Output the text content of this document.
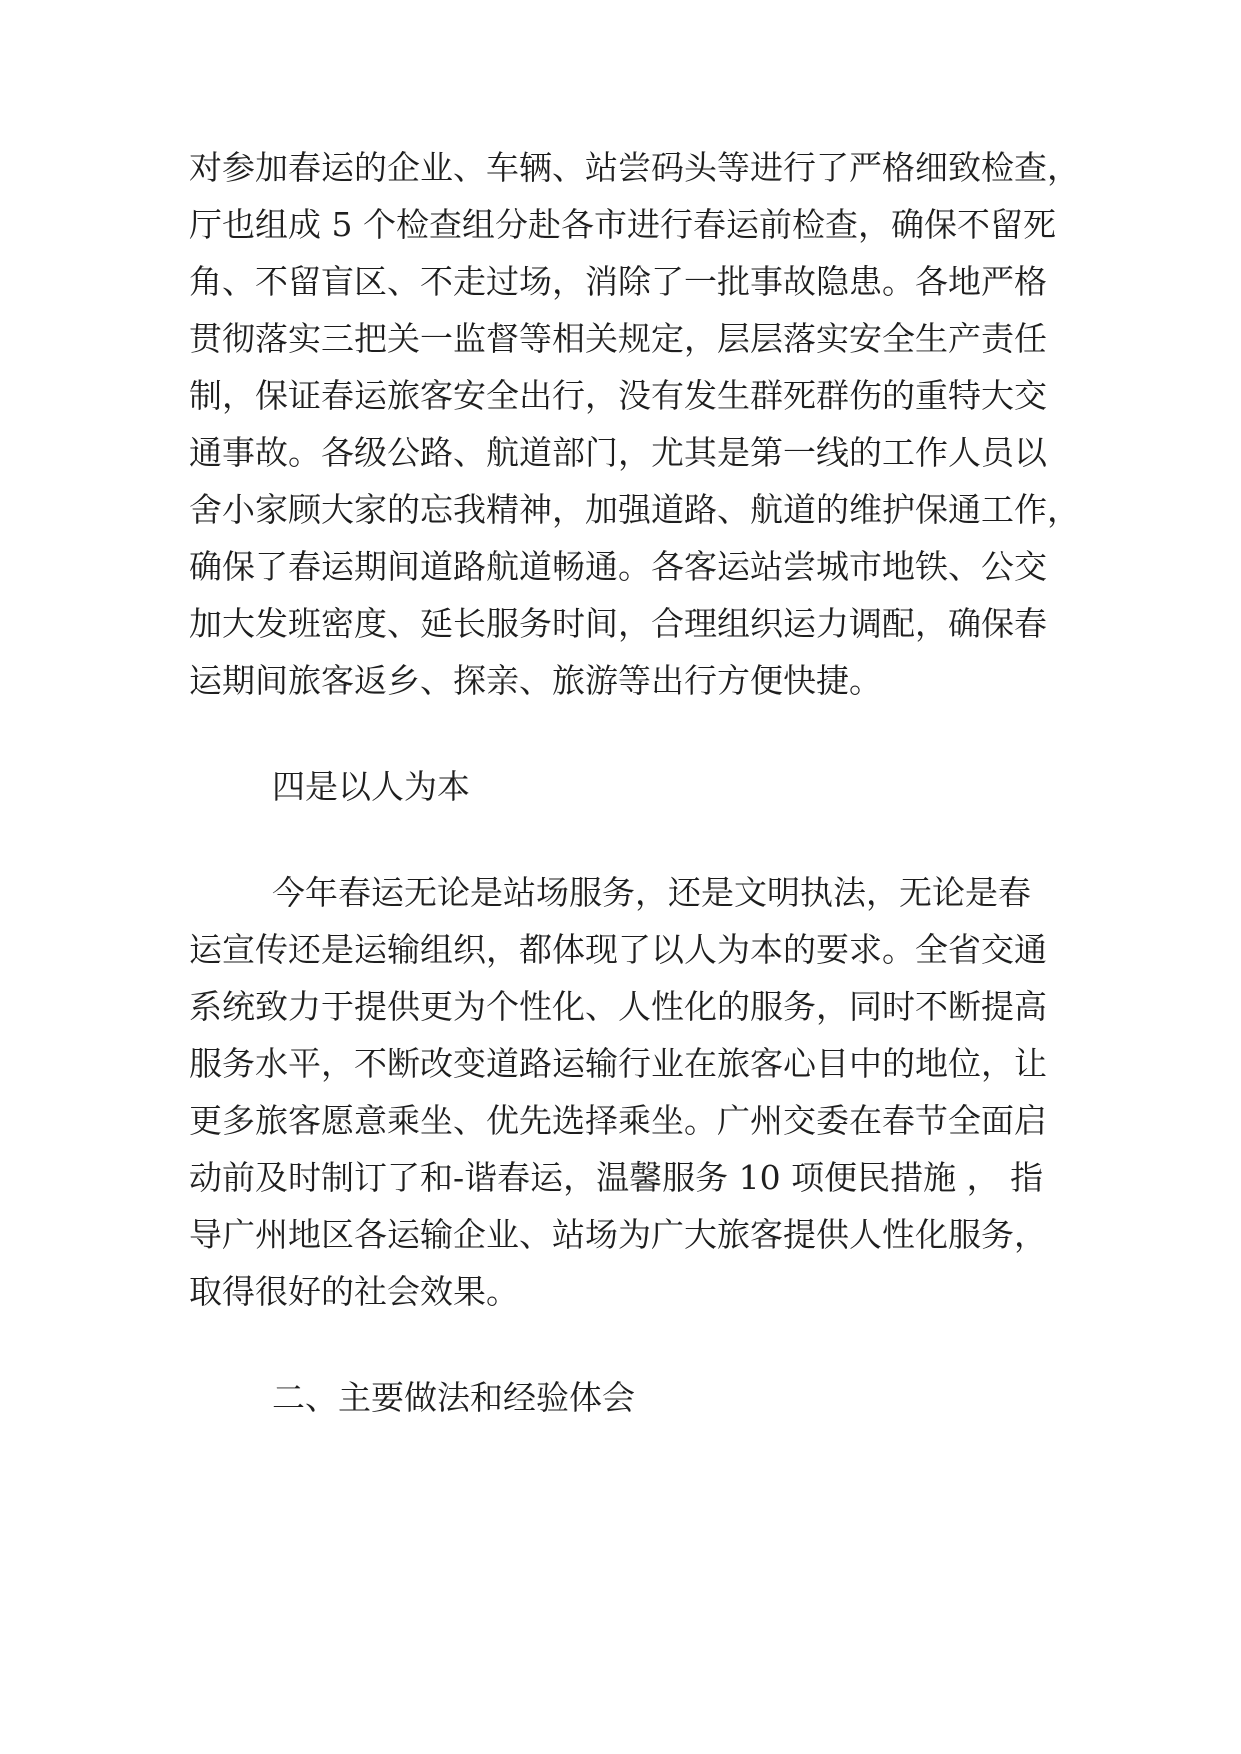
对参加春运的企业、车辆、站尝码头等进行了严格细致检查，
厅也组成 5 个检查组分赴各市进行春运前检查，确保不留死
角、不留盲区、不走过场，消除了一批事故隐患。各地严格
贯彻落实三把关一监督等相关规定，层层落实安全生产责任
制，保证春运旅客安全出行，没有发生群死群伤的重特大交
通事故。各级公路、航道部门，尤其是第一线的工作人员以
舍小家顾大家的忘我精神，加强道路、航道的维护保通工作，
确保了春运期间道路航道畅通。各客运站尝城市地铁、公交
加大发班密度、延长服务时间，合理组织运力调配，确保春
运期间旅客返乡、探亲、旅游等出行方便快捷。
四是以人为本
今年春运无论是站场服务，还是文明执法，无论是春
运宣传还是运输组织，都体现了以人为本的要求。全省交通
系统致力于提供更为个性化、人性化的服务，同时不断提高
服务水平，不断改变道路运输行业在旅客心目中的地位，让
更多旅客愿意乘坐、优先选择乘坐。广州交委在春节全面启
动前及时制订了和-谐春运，温馨服务 10 项便民措施 ， 指
导广州地区各运输企业、站场为广大旅客提供人性化服务，
取得很好的社会效果。
二、主要做法和经验体会
